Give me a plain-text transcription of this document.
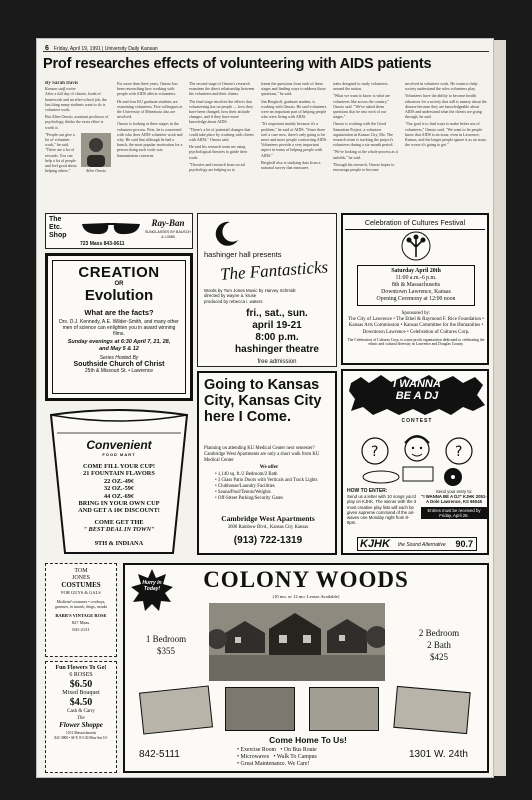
6 Friday, April 19, 1991 | University Daily Kansan
Prof researches effects of volunteering with AIDS patients
By Sarah Davis
Kansan staff writer

After a full day of classes, loads of homework and an after-school job, the last thing many students want to do is volunteer work.

But Allen Omoto, assistant professor of psychology, thinks the extra effort is worth it.

Allen Omoto

"People can give a lot of volunteer work," he said. "There are a lot of rewards. You can help a lot of people and feel good about helping others."

For more than three years, Omoto has been researching how working with people with AIDS affects volunteers.

He and four KU graduate students are examining volunteers. Five colleagues at the University of Minnesota also are involved.

Omoto is looking at three stages in the volunteer process. First, he is concerned with who does AIDS volunteer work and why. He said that although he had a hunch, the most popular motivation for a person doing such work was humanitarian concerns.

The second stage of Omoto's research examines the direct relationship between the volunteers and their clients.

The final stage involves the effects that volunteering has on people — how they have been changed, how their attitude changes, and if they have more knowledge about AIDS.

"There's a lot of potential changes that could take place by working with clients with AIDS," Omoto said.

He said his research team are using psychological theories to guide their work.

"Theories and research from social psychology are helping us to

frame the questions from each of these stages and finding ways to address those questions," he said.

Jim Berghoff, graduate student, is working with Omoto. He said volunteers were an important part of helping people who were living with AIDS.

"It's important mainly because it's a problem," he said of AIDS. "Since there isn't a cure now, there's only going to be more and more people contracting AIDS. Volunteers provide a very important aspect in terms of helping people with AIDS."

Berghoff also is studying data from a national survey that measures

traits designed to study volunteers around the nation.

"What we want to know is what are volunteers like across the country," Omoto said. "We've asked them questions that tie into each of our stages."

Omoto is working with the Good Samaritan Project, a volunteer organization in Kansas City, Mo. The research team is tracking the project's volunteers during a six-month period.

"We're looking at the whole process as it unfolds," he said.

Through his research, Omoto hopes to encourage people to become

involved in volunteer work. He wants to help society understand the roles volunteers play.

Volunteers have the ability to become health educators for a society that still is uneasy about the disease because they are knowledgeable about AIDS and understand what the clients are going through, he said.

"Our goal is to find ways to make better use of volunteers," Omoto said. "We want to let people know that AIDS is an issue, even in Lawrence, Kansas, and the longer people ignore it as an issue, the worse it's going to get."

The
Etc.
Shop
Ray-Ban
SUNGLASSES BY BAUSCH & LOMB
723 Mass 843-0611
CREATION
OR
Evolution
What are the facts?
Drs. D.J. Kennedy, A.E. Wilder-Smith, and many other men of science can enlighten you in award winning films.
Sunday evenings at 6:30 April 7, 21, 28, and May 5 & 12
Series Hosted By
Southside Church of Christ
25th & Missouri St. • Lawrence
Convenient
FOOD MART
COME FILL YOUR CUP!
21 FOUNTAIN FLAVORS
22 OZ.-49¢
32 OZ.-59¢
44 OZ.-69¢
BRING IN YOUR OWN CUP
AND GET A 10¢ DISCOUNT!
COME GET THE
" BEST DEAL IN TOWN"
9TH & INDIANA
hashinger hall presents
The Fantasticks
Words by Tom Jones Music by Harvey Schmidt
directed by wayne a. kruse
produced by rebecca i. waters
fri., sat., sun.
april 19-21
8:00 p.m.
hashinger theatre
free admission
Going to Kansas City, Kansas City here I Come.
Planning on attending KU Medical Center next semester? Cambridge West Apartments are only a short walk from KU Medical Center
We offer
• 1,140 sq. ft./2 Bedroom/2 Bath
• 3 Glass Patio Doors with Verticals and Track Lights
• Clubhouse/Laundry Facilities
• Sauna/Pool/Tennis/Weights
• Off-Street Parking/Security Gates
Cambridge West Apartments
3600 Rainbow Blvd., Kansas City Kansas
(913) 722-1319
Celebration of Cultures Festival
Saturday April 20th
11:00 a.m.-6 p.m.
8th & Massachusetts
Downtown Lawrence, Kansas
Opening Ceremony at 12:00 noon
Sponsored by:
The City of Lawrence • The Ethel & Raymond F. Rice Foundation • Kansas Arts Commission • Kansas Committee for the Humanities • Downtown Lawrence • Celebration of Cultures Corp.
The Celebration of Cultures Corp. is a non-profit organization dedicated to celebrating the ethnic and cultural diversity in Lawrence and Douglas County.
I WANNA
BE A DJ
CONTEST
?	?
HOW TO ENTER:
Send us a letter with 10 songs you'd play on KJHK. The winner with the 3 most creative play lists will each be given supreme command of the air-waves one Monday night from 8-9pm.
Send your entry to:
"I WANNA BE A DJ" KJHK 2051-A Dole Lawrence, KS 66045
Entries must be received by Friday, April 26.
KJHK the Sound Alternative 90.7
TOM
JONES
COSTUMES
FOR GUYS & GALS
Medieval costumes • cowboys, gunmen, in tuxedo, kings, monks
BARB'S VINTAGE ROSE
827 Mass.
841-2131
Fun Flowers To Go!
6 ROSES
$6.50
Mixed Bouquet
$4.50
Cash & Carry
The
Flower Shoppe
1101 Massachusetts
841-3800 • M-F, 8-5:30 Mon-Sat 10-
Hurry in Today!	COLONY WOODS
(10 mo. or 12 mo. Leases Available)
1 Bedroom
$355
2 Bedroom
2 Bath
$425
Come Home To Us!
• Exercise Room   • On Bus Route
• Microwaves   • Walk To Campus
• Great Maintenance. We Care!
842-5111	1301 W. 24th
